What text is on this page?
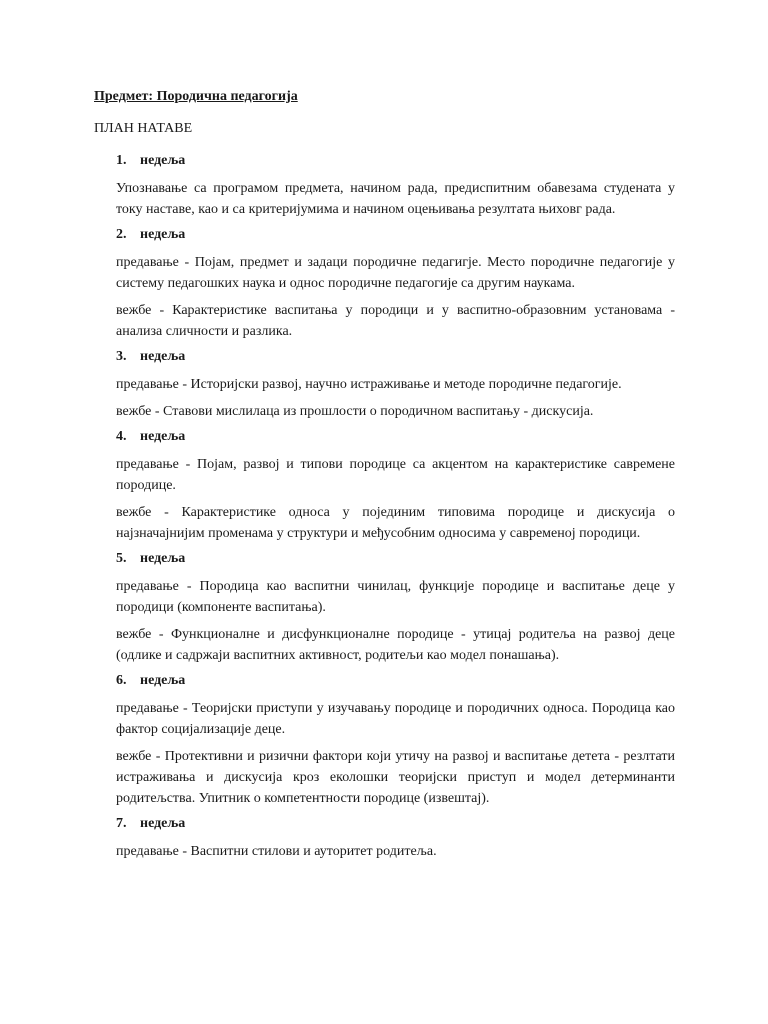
Предмет: Породична педагогија
ПЛАН НАТАВЕ
1. недеља
Упознавање са програмом предмета, начином рада, предиспитним обавезама студената у току наставе, као и са критеријумима и начином оцењивања резултата њиховг рада.
2. недеља
предавање - Појам, предмет и задаци породичне педагигје. Место породичне педагогије у систему педагошких наука и однос породичне педагогије са другим наукама.
вежбе - Карактеристике васпитања у породици и у васпитно-образовним установама - анализа сличности и разлика.
3. недеља
предавање - Историјски развој, научно истраживање и методе породичне педагогије.
вежбе - Ставови мислилаца из прошлости о породичном васпитању - дискусија.
4. недеља
предавање - Појам, развој и типови породице са акцентом на карактеристике савремене породице.
вежбе - Карактеристике односа у појединим типовима породице и дискусија о најзначајнијим променама у структури и међусобним односима у савременој породици.
5. недеља
предавање - Породица као васпитни чинилац, функције породице и васпитање деце у породици (компоненте васпитања).
вежбе - Функционалне и дисфункционалне породице - утицај родитеља на развој деце (одлике и садржаји васпитних активност, родитељи као модел понашања).
6. недеља
предавање - Теоријски приступи у изучавању породице и породичних односа. Породица као фактор социјализације деце.
вежбе - Протективни и ризични фактори који утичу на развој и васпитање детета - резлтати истраживања и дискусија кроз еколошки теоријски приступ и модел детерминанти родитељства. Упитник о компетентности породице (извештај).
7. недеља
предавање - Васпитни стилови и ауторитет родитеља.
